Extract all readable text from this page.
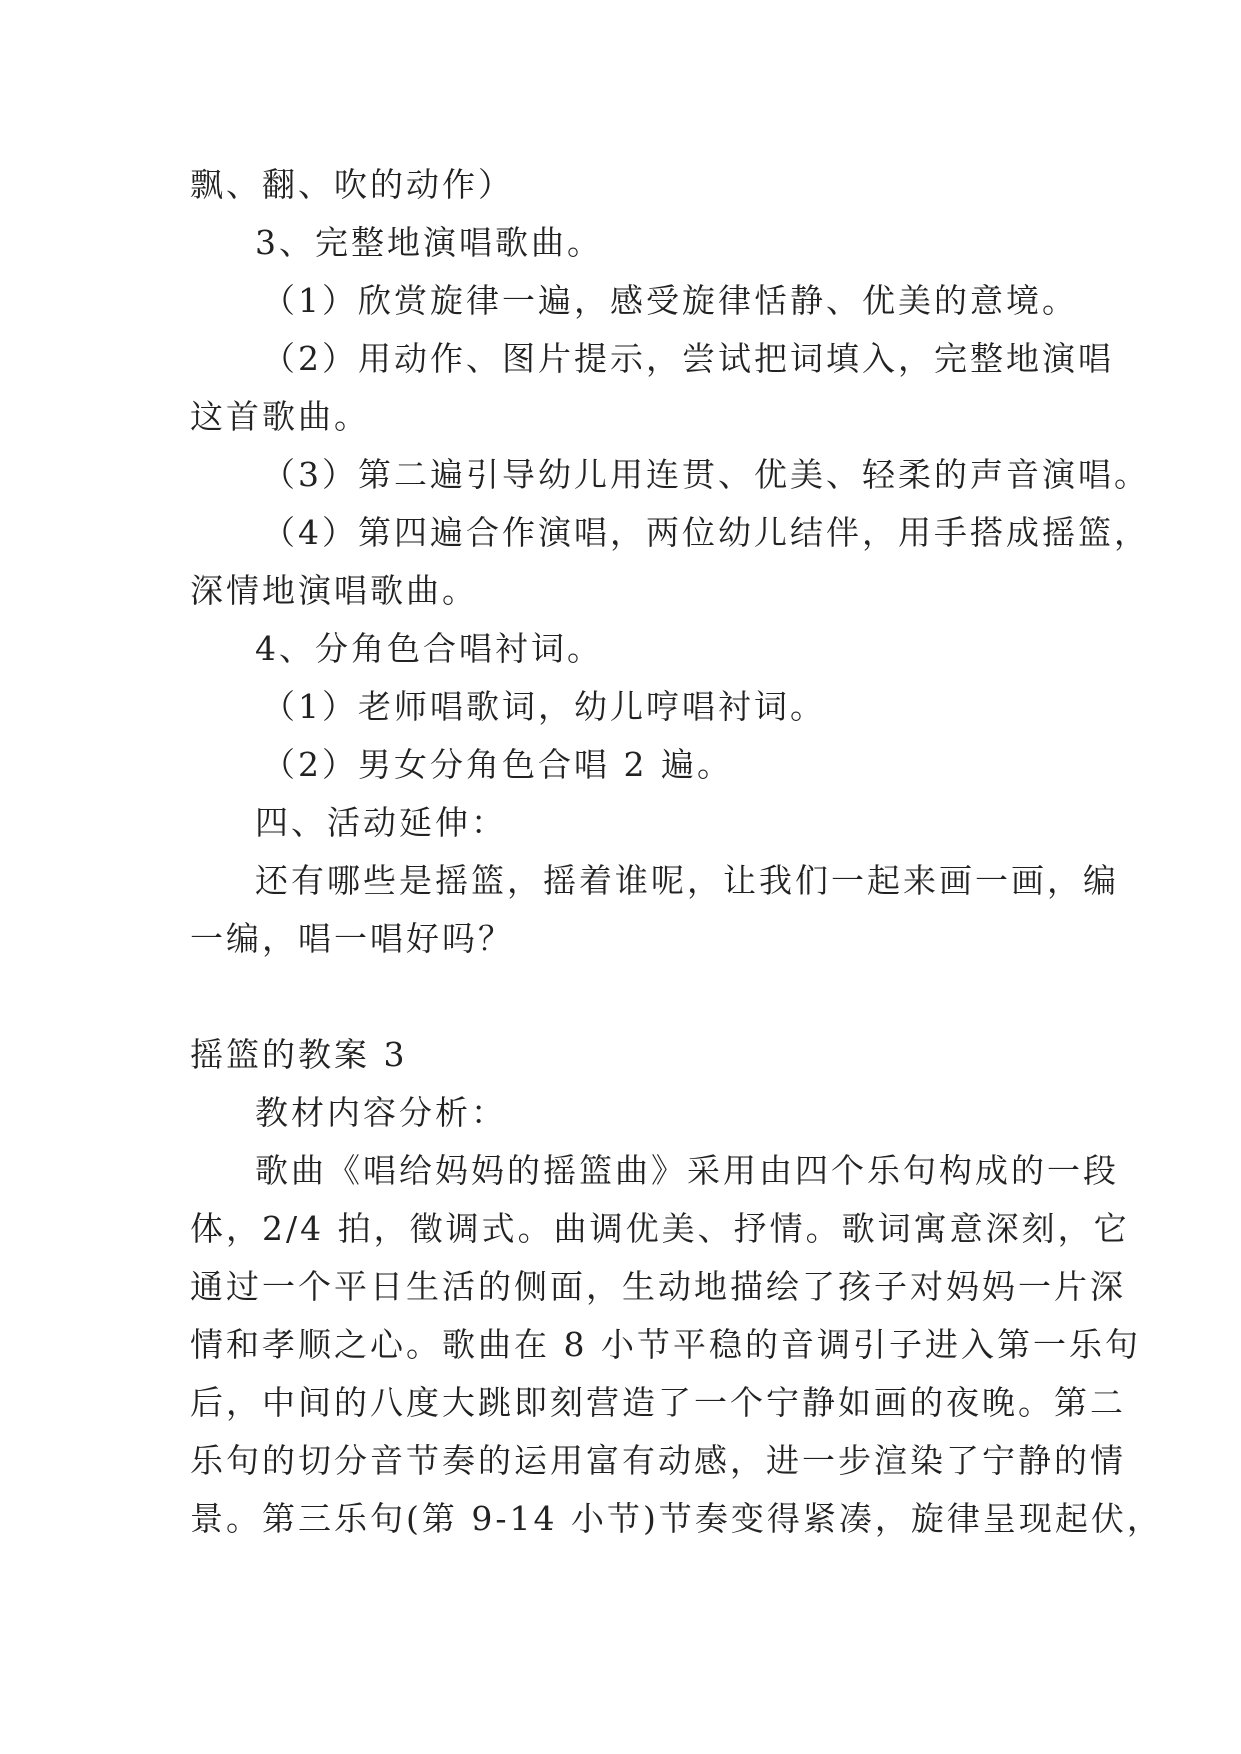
飘、翻、吹的动作）
3、完整地演唱歌曲。
（1）欣赏旋律一遍，感受旋律恬静、优美的意境。
（2）用动作、图片提示，尝试把词填入，完整地演唱
这首歌曲。
（3）第二遍引导幼儿用连贯、优美、轻柔的声音演唱。
（4）第四遍合作演唱，两位幼儿结伴，用手搭成摇篮，
深情地演唱歌曲。
4、分角色合唱衬词。
（1）老师唱歌词，幼儿哼唱衬词。
（2）男女分角色合唱 2 遍。
四、活动延伸：
还有哪些是摇篮，摇着谁呢，让我们一起来画一画，编
一编，唱一唱好吗？
摇篮的教案 3
教材内容分析：
歌曲《唱给妈妈的摇篮曲》采用由四个乐句构成的一段
体，2/4 拍，徵调式。曲调优美、抒情。歌词寓意深刻，它
通过一个平日生活的侧面，生动地描绘了孩子对妈妈一片深
情和孝顺之心。歌曲在 8 小节平稳的音调引子进入第一乐句
后，中间的八度大跳即刻营造了一个宁静如画的夜晚。第二
乐句的切分音节奏的运用富有动感，进一步渲染了宁静的情
景。第三乐句(第 9-14 小节)节奏变得紧凑，旋律呈现起伏，
